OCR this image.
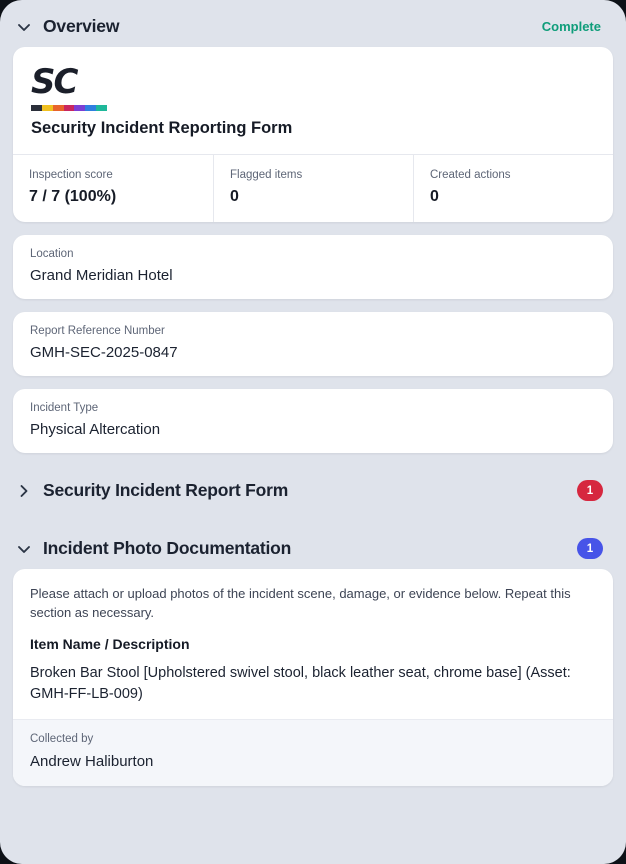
Overview	Complete
SC
Security Incident Reporting Form
Inspection score
7 / 7 (100%)
Flagged items
0
Created actions
0
Location
Grand Meridian Hotel
Report Reference Number
GMH-SEC-2025-0847
Incident Type
Physical Altercation
Security Incident Report Form	1
Incident Photo Documentation	1
Please attach or upload photos of the incident scene, damage, or evidence below. Repeat this section as necessary.
Item Name / Description
Broken Bar Stool [Upholstered swivel stool, black leather seat, chrome base] (Asset: GMH-FF-LB-009)
Collected by
Andrew Haliburton
